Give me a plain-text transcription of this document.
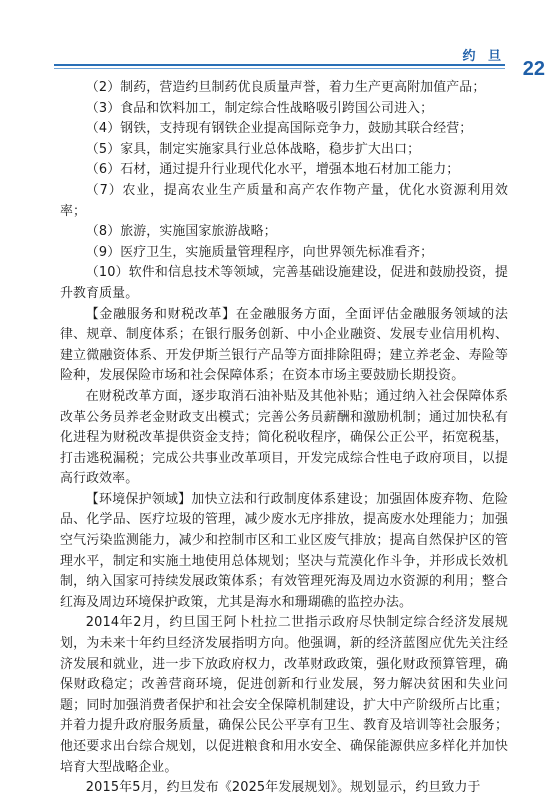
约 旦
22

（2）制药，营造约旦制药优良质量声誉，着力生产更高附加值产品；

（3）食品和饮料加工，制定综合性战略吸引跨国公司进入；

（4）钢铁，支持现有钢铁企业提高国际竞争力，鼓励其联合经营；

（5）家具，制定实施家具行业总体战略，稳步扩大出口；

（6）石材，通过提升行业现代化水平，增强本地石材加工能力；

（7）农业，提高农业生产质量和高产农作物产量，优化水资源利用效率；

（8）旅游，实施国家旅游战略；

（9）医疗卫生，实施质量管理程序，向世界领先标准看齐；

（10）软件和信息技术等领域，完善基础设施建设，促进和鼓励投资，提升教育质量。

【金融服务和财税改革】在金融服务方面，全面评估金融服务领域的法律、规章、制度体系；在银行服务创新、中小企业融资、发展专业信用机构、建立微融资体系、开发伊斯兰银行产品等方面排除阻碍；建立养老金、寿险等险种，发展保险市场和社会保障体系；在资本市场主要鼓励长期投资。

在财税改革方面，逐步取消石油补贴及其他补贴；通过纳入社会保障体系改革公务员养老金财政支出模式；完善公务员薪酬和激励机制；通过加快私有化进程为财税改革提供资金支持；简化税收程序，确保公正公平，拓宽税基，打击逃税漏税；完成公共事业改革项目，开发完成综合性电子政府项目，以提高行政效率。

【环境保护领域】加快立法和行政制度体系建设；加强固体废弃物、危险品、化学品、医疗垃圾的管理，减少废水无序排放，提高废水处理能力；加强空气污染监测能力，减少和控制市区和工业区废气排放；提高自然保护区的管理水平，制定和实施土地使用总体规划；坚决与荒漠化作斗争，并形成长效机制，纳入国家可持续发展政策体系；有效管理死海及周边水资源的利用；整合红海及周边环境保护政策，尤其是海水和珊瑚礁的监控办法。

2014年2月，约旦国王阿卜杜拉二世指示政府尽快制定综合经济发展规划，为未来十年约旦经济发展指明方向。他强调，新的经济蓝图应优先关注经济发展和就业，进一步下放政府权力，改革财政政策，强化财政预算管理，确保财政稳定；改善营商环境，促进创新和行业发展，努力解决贫困和失业问题；同时加强消费者保护和社会安全保障机制建设，扩大中产阶级所占比重；并着力提升政府服务质量，确保公民公平享有卫生、教育及培训等社会服务；他还要求出台综合规划，以促进粮食和用水安全、确保能源供应多样化并加快培育大型战略企业。

2015年5月，约旦发布《2025年发展规划》。规划显示，约旦致力于
